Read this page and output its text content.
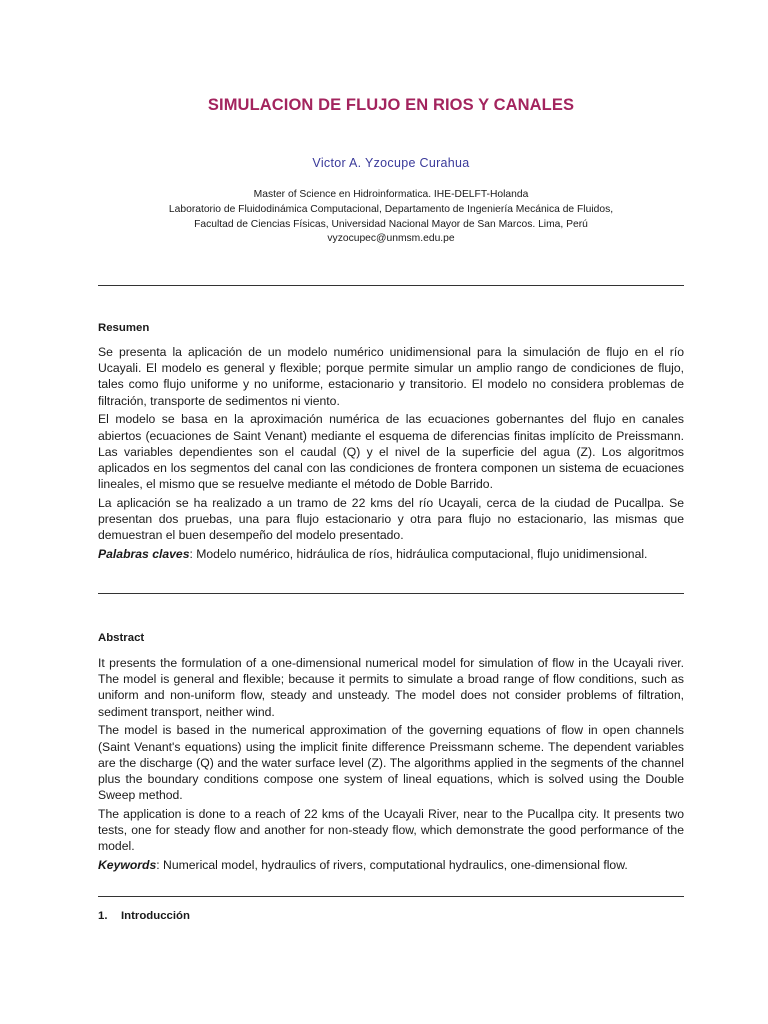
SIMULACION DE FLUJO EN RIOS Y CANALES
Victor A. Yzocupe Curahua
Master of Science en Hidroinformatica. IHE-DELFT-Holanda
Laboratorio de Fluidodinámica Computacional, Departamento de Ingeniería Mecánica de Fluidos,
Facultad de Ciencias Físicas, Universidad Nacional Mayor de San Marcos. Lima, Perú
vyzocupec@unmsm.edu.pe
Resumen

Se presenta la aplicación de un modelo numérico unidimensional para la simulación de flujo en el río Ucayali. El modelo es general y flexible; porque permite simular un amplio rango de condiciones de flujo, tales como flujo uniforme y no uniforme, estacionario y transitorio. El modelo no considera problemas de filtración, transporte de sedimentos ni viento.

El modelo se basa en la aproximación numérica de las ecuaciones gobernantes del flujo en canales abiertos (ecuaciones de Saint Venant) mediante el esquema de diferencias finitas implícito de Preissmann. Las variables dependientes son el caudal (Q) y el nivel de la superficie del agua (Z). Los algoritmos aplicados en los segmentos del canal con las condiciones de frontera componen un sistema de ecuaciones lineales, el mismo que se resuelve mediante el método de Doble Barrido.

La aplicación se ha realizado a un tramo de 22 kms del río Ucayali, cerca de la ciudad de Pucallpa. Se presentan dos pruebas, una para flujo estacionario y otra para flujo no estacionario, las mismas que demuestran el buen desempeño del modelo presentado.

Palabras claves: Modelo numérico, hidráulica de ríos, hidráulica computacional, flujo unidimensional.

Abstract

It presents the formulation of a one-dimensional numerical model for simulation of flow in the Ucayali river. The model is general and flexible; because it permits to simulate a broad range of flow conditions, such as uniform and non-uniform flow, steady and unsteady. The model does not consider problems of filtration, sediment transport, neither wind.

The model is based in the numerical approximation of the governing equations of flow in open channels (Saint Venant's equations) using the implicit finite difference Preissmann scheme. The dependent variables are the discharge (Q) and the water surface level (Z). The algorithms applied in the segments of the channel plus the boundary conditions compose one system of lineal equations, which is solved using the Double Sweep method.

The application is done to a reach of 22 kms of the Ucayali River, near to the Pucallpa city. It presents two tests, one for steady flow and another for non-steady flow, which demonstrate the good performance of the model.

Keywords: Numerical model, hydraulics of rivers, computational hydraulics, one-dimensional flow.

1. Introducción
